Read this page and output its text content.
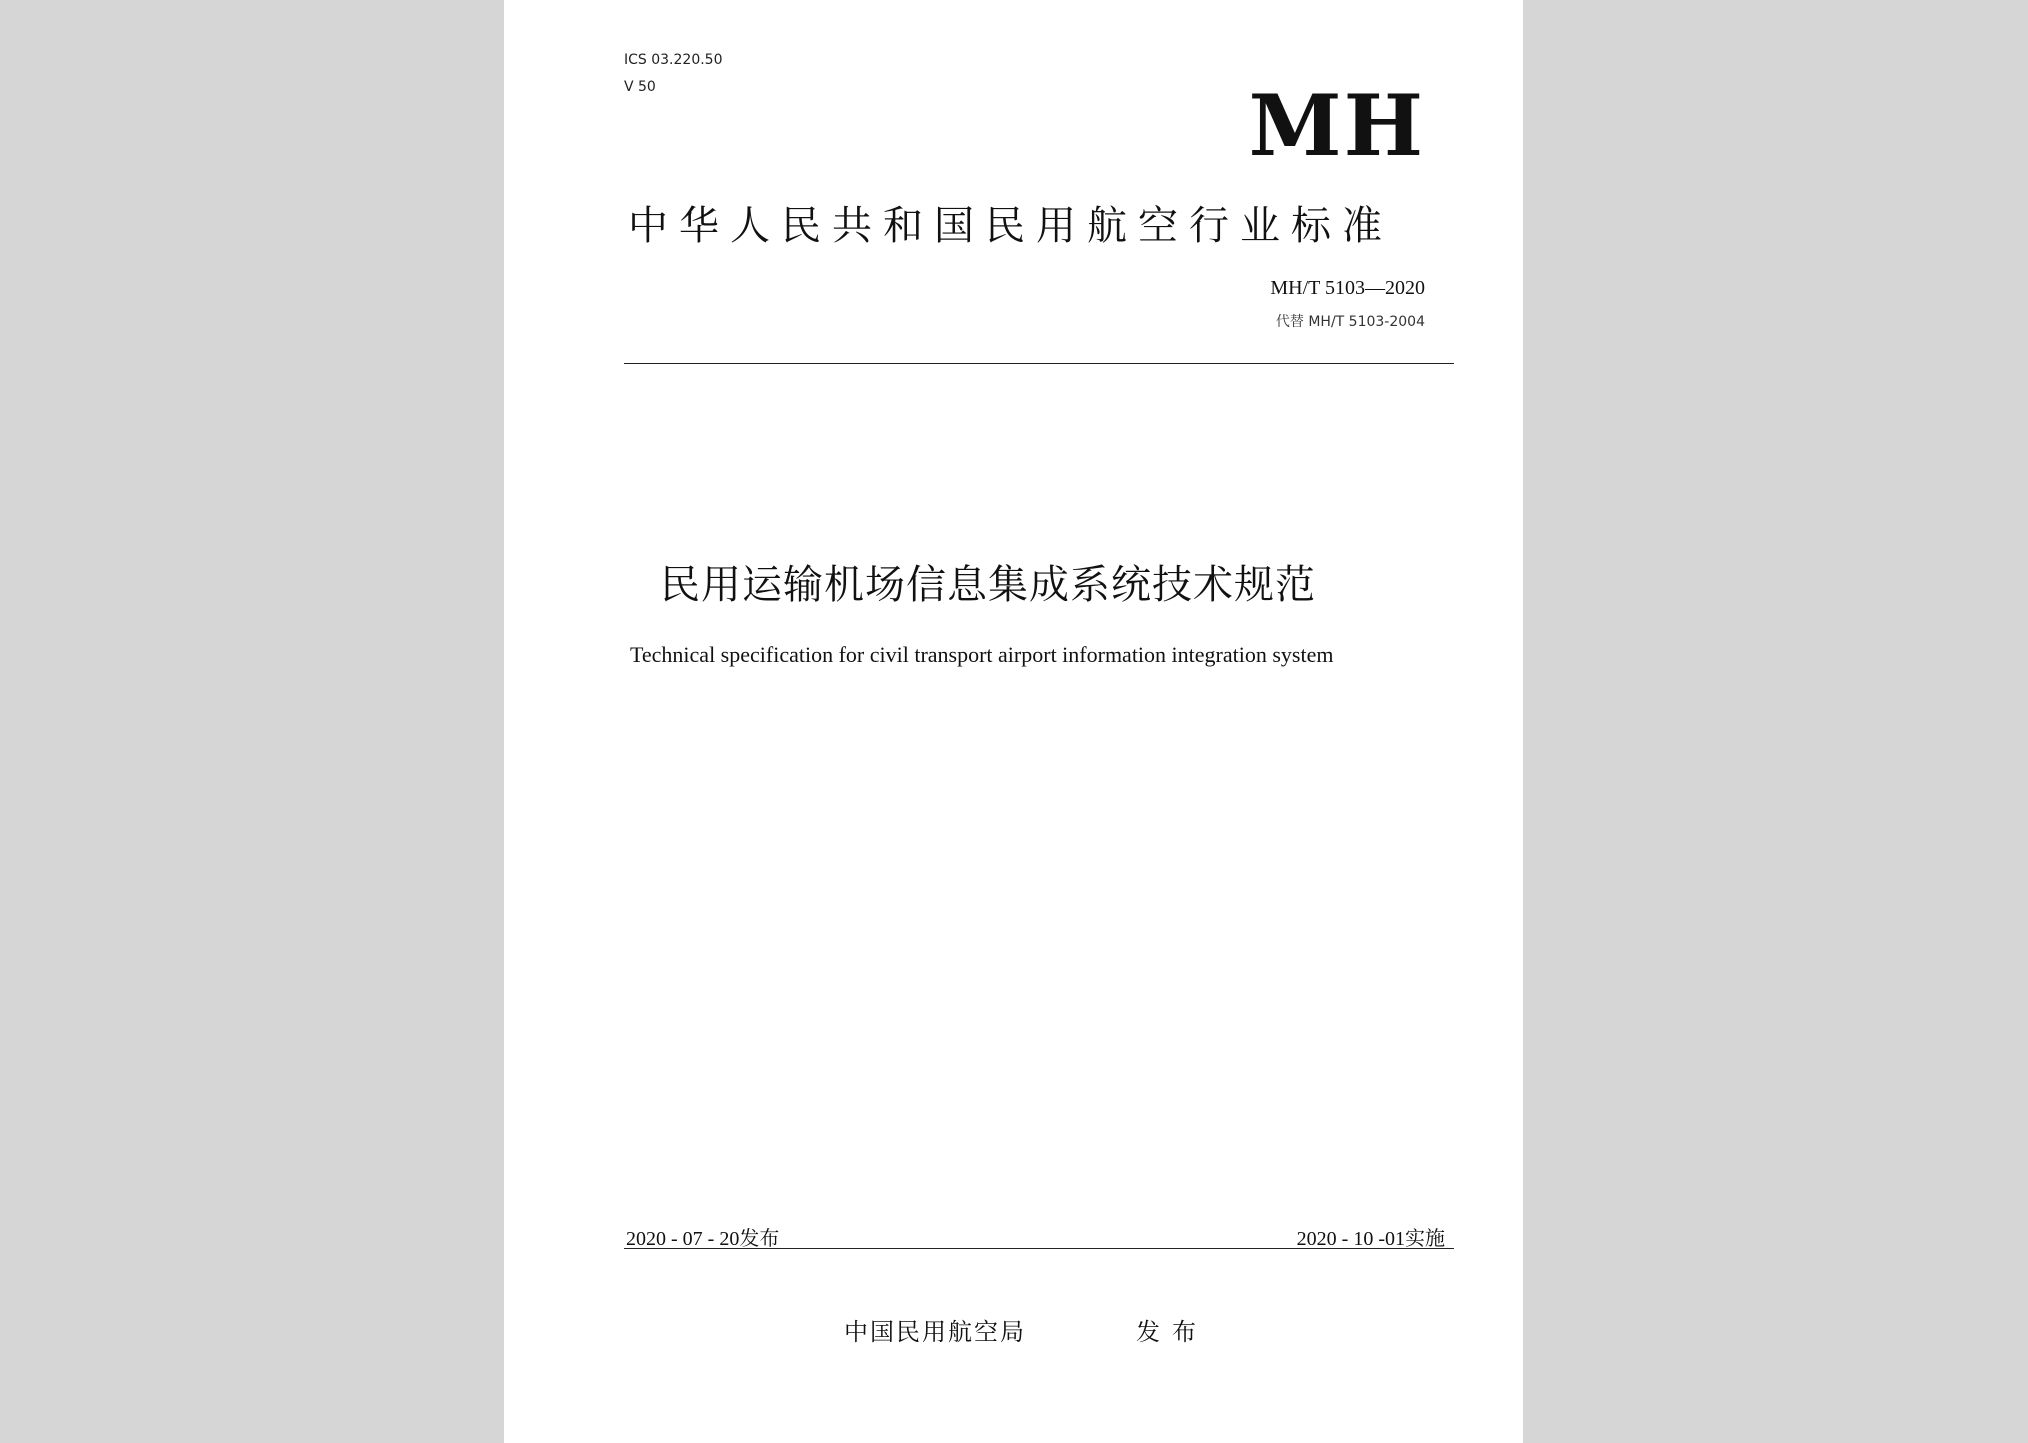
ICS 03.220.50
V 50	MH
中华人民共和国民用航空行业标准
MH/T 5103—2020
代替 MH/T 5103-2004
民用运输机场信息集成系统技术规范
Technical specification for civil transport airport information integration system
2020 - 07 - 20发布	2020 - 10 -01实施
中国民用航空局	发布
